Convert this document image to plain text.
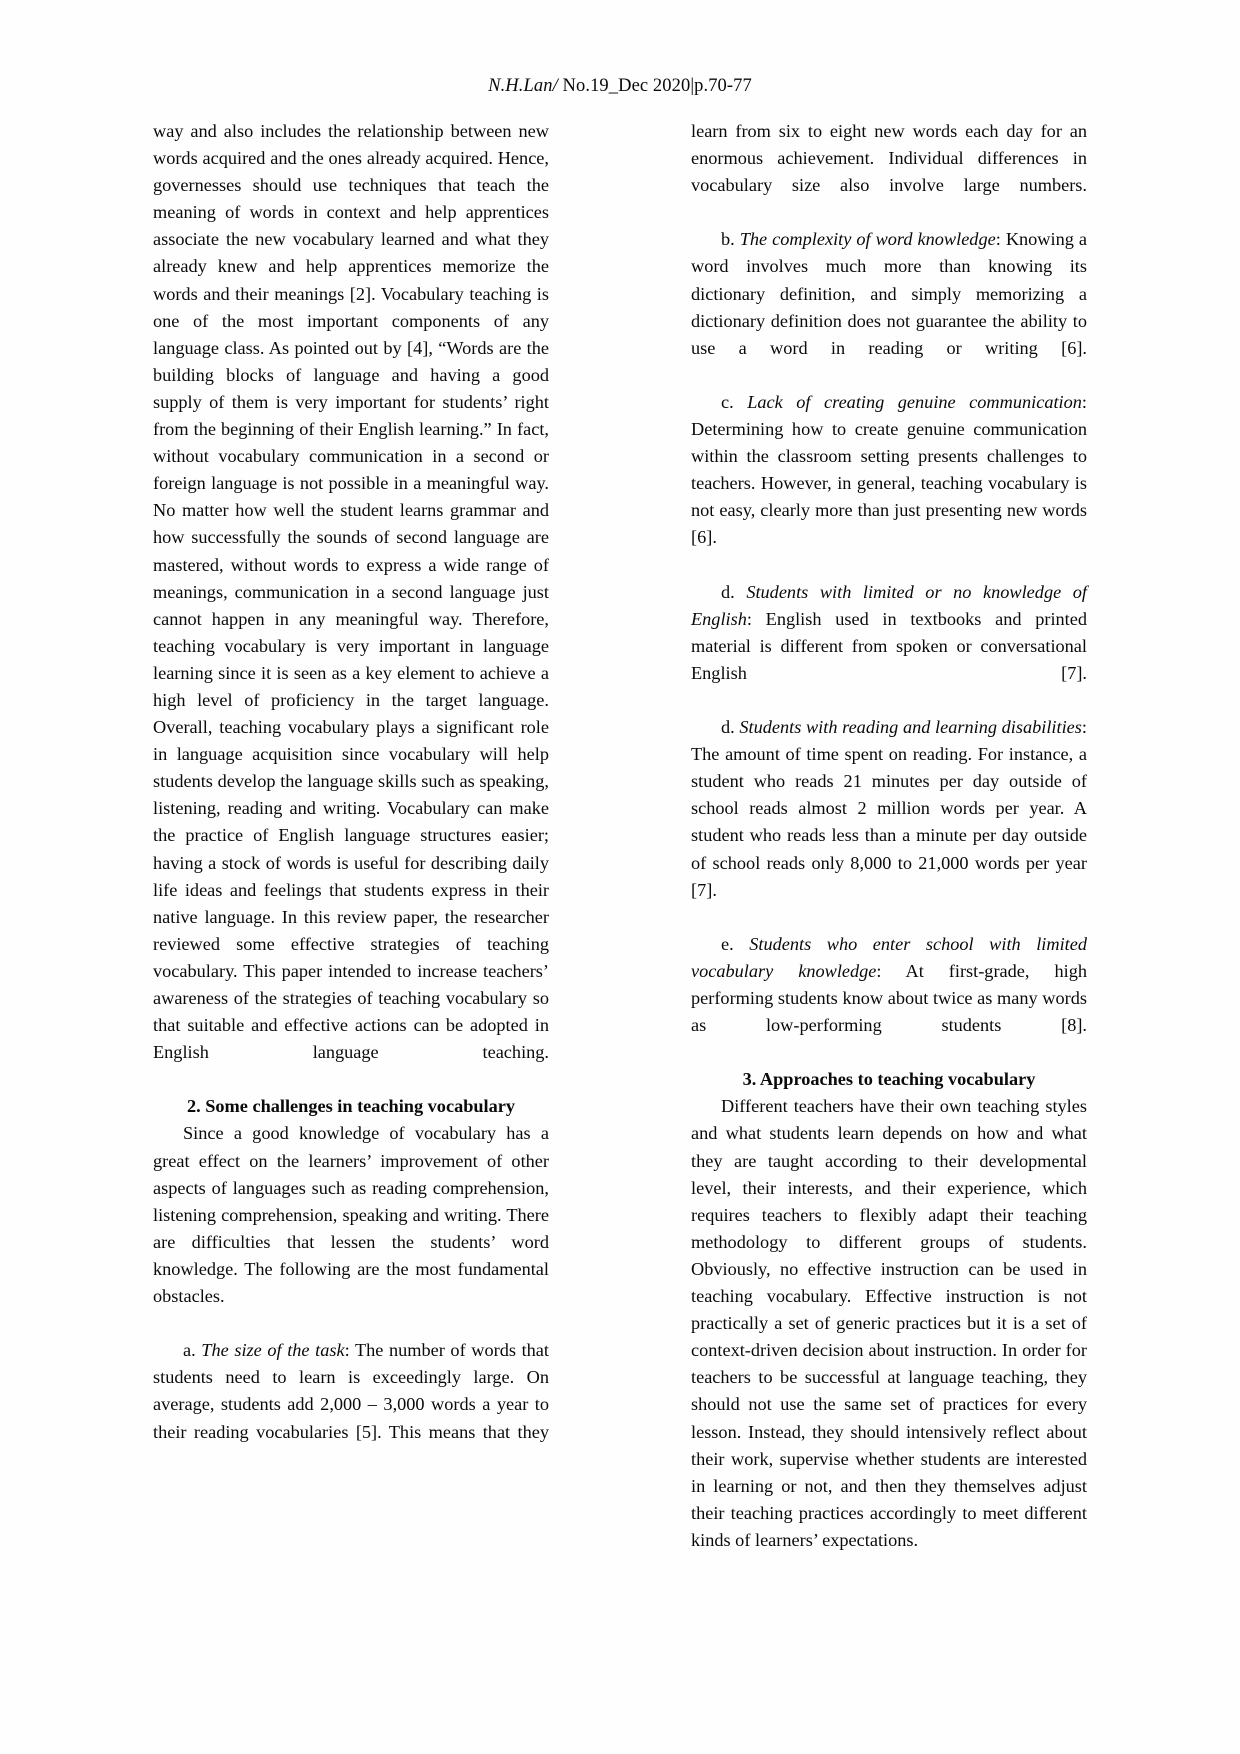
N.H.Lan/ No.19_Dec 2020|p.70-77

way and also includes the relationship between new words acquired and the ones already acquired. Hence, governesses should use techniques that teach the meaning of words in context and help apprentices associate the new vocabulary learned and what they already knew and help apprentices memorize the words and their meanings [2]. Vocabulary teaching is one of the most important components of any language class. As pointed out by [4], “Words are the building blocks of language and having a good supply of them is very important for students’ right from the beginning of their English learning.” In fact, without vocabulary communication in a second or foreign language is not possible in a meaningful way. No matter how well the student learns grammar and how successfully the sounds of second language are mastered, without words to express a wide range of meanings, communication in a second language just cannot happen in any meaningful way. Therefore, teaching vocabulary is very important in language learning since it is seen as a key element to achieve a high level of proficiency in the target language. Overall, teaching vocabulary plays a significant role in language acquisition since vocabulary will help students develop the language skills such as speaking, listening, reading and writing. Vocabulary can make the practice of English language structures easier; having a stock of words is useful for describing daily life ideas and feelings that students express in their native language. In this review paper, the researcher reviewed some effective strategies of teaching vocabulary. This paper intended to increase teachers’ awareness of the strategies of teaching vocabulary so that suitable and effective actions can be adopted in English language teaching.

2. Some challenges in teaching vocabulary

Since a good knowledge of vocabulary has a great effect on the learners’ improvement of other aspects of languages such as reading comprehension, listening comprehension, speaking and writing. There are difficulties that lessen the students’ word knowledge. The following are the most fundamental obstacles.

a. The size of the task: The number of words that students need to learn is exceedingly large. On average, students add 2,000 – 3,000 words a year to their reading vocabularies [5]. This means that they

learn from six to eight new words each day for an enormous achievement. Individual differences in vocabulary size also involve large numbers.

b. The complexity of word knowledge: Knowing a word involves much more than knowing its dictionary definition, and simply memorizing a dictionary definition does not guarantee the ability to use a word in reading or writing [6].

c. Lack of creating genuine communication: Determining how to create genuine communication within the classroom setting presents challenges to teachers. However, in general, teaching vocabulary is not easy, clearly more than just presenting new words [6].

d. Students with limited or no knowledge of English: English used in textbooks and printed material is different from spoken or conversational English [7].

d. Students with reading and learning disabilities: The amount of time spent on reading. For instance, a student who reads 21 minutes per day outside of school reads almost 2 million words per year. A student who reads less than a minute per day outside of school reads only 8,000 to 21,000 words per year [7].

e. Students who enter school with limited vocabulary knowledge: At first-grade, high performing students know about twice as many words as low-performing students [8].

3. Approaches to teaching vocabulary

Different teachers have their own teaching styles and what students learn depends on how and what they are taught according to their developmental level, their interests, and their experience, which requires teachers to flexibly adapt their teaching methodology to different groups of students. Obviously, no effective instruction can be used in teaching vocabulary. Effective instruction is not practically a set of generic practices but it is a set of context-driven decision about instruction. In order for teachers to be successful at language teaching, they should not use the same set of practices for every lesson. Instead, they should intensively reflect about their work, supervise whether students are interested in learning or not, and then they themselves adjust their teaching practices accordingly to meet different kinds of learners’ expectations.
